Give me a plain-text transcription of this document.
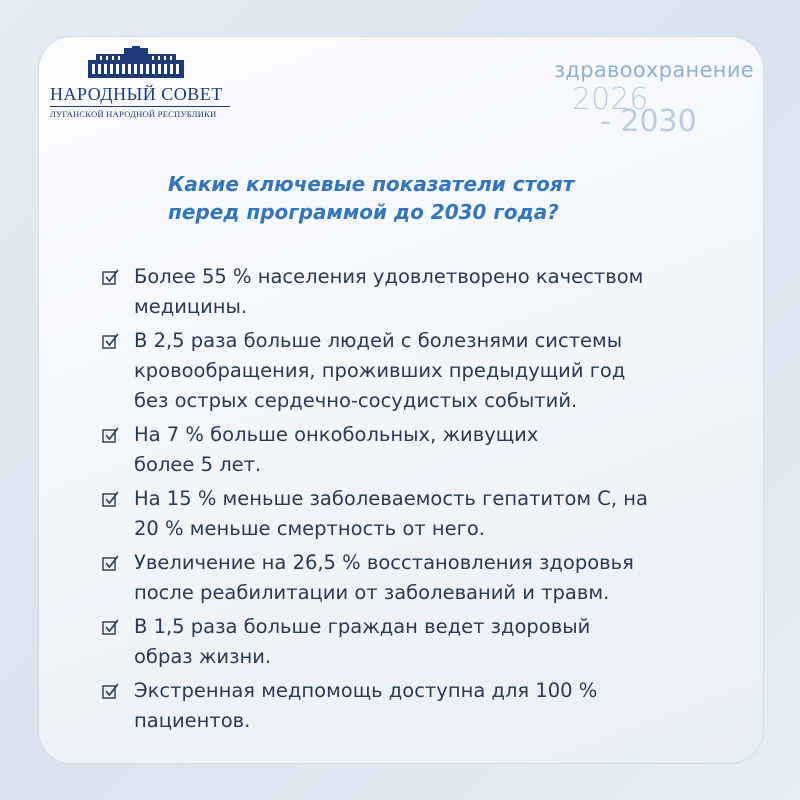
НАРОДНЫЙ СОВЕТ
ЛУГАНСКОЙ НАРОДНОЙ РЕСПУБЛИКИ
здравоохранение
2026
- 2030
Какие ключевые показатели стоят
перед программой до 2030 года?
Более 55 % населения удовлетворено качеством
медицины.
В 2,5 раза больше людей с болезнями системы
кровообращения, проживших предыдущий год
без острых сердечно-сосудистых событий.
На 7 % больше онкобольных, живущих
более 5 лет.
На 15 % меньше заболеваемость гепатитом С, на
20 % меньше смертность от него.
Увеличение на 26,5 % восстановления здоровья
после реабилитации от заболеваний и травм.
В 1,5 раза больше граждан ведет здоровый
образ жизни.
Экстренная медпомощь доступна для 100 %
пациентов.
